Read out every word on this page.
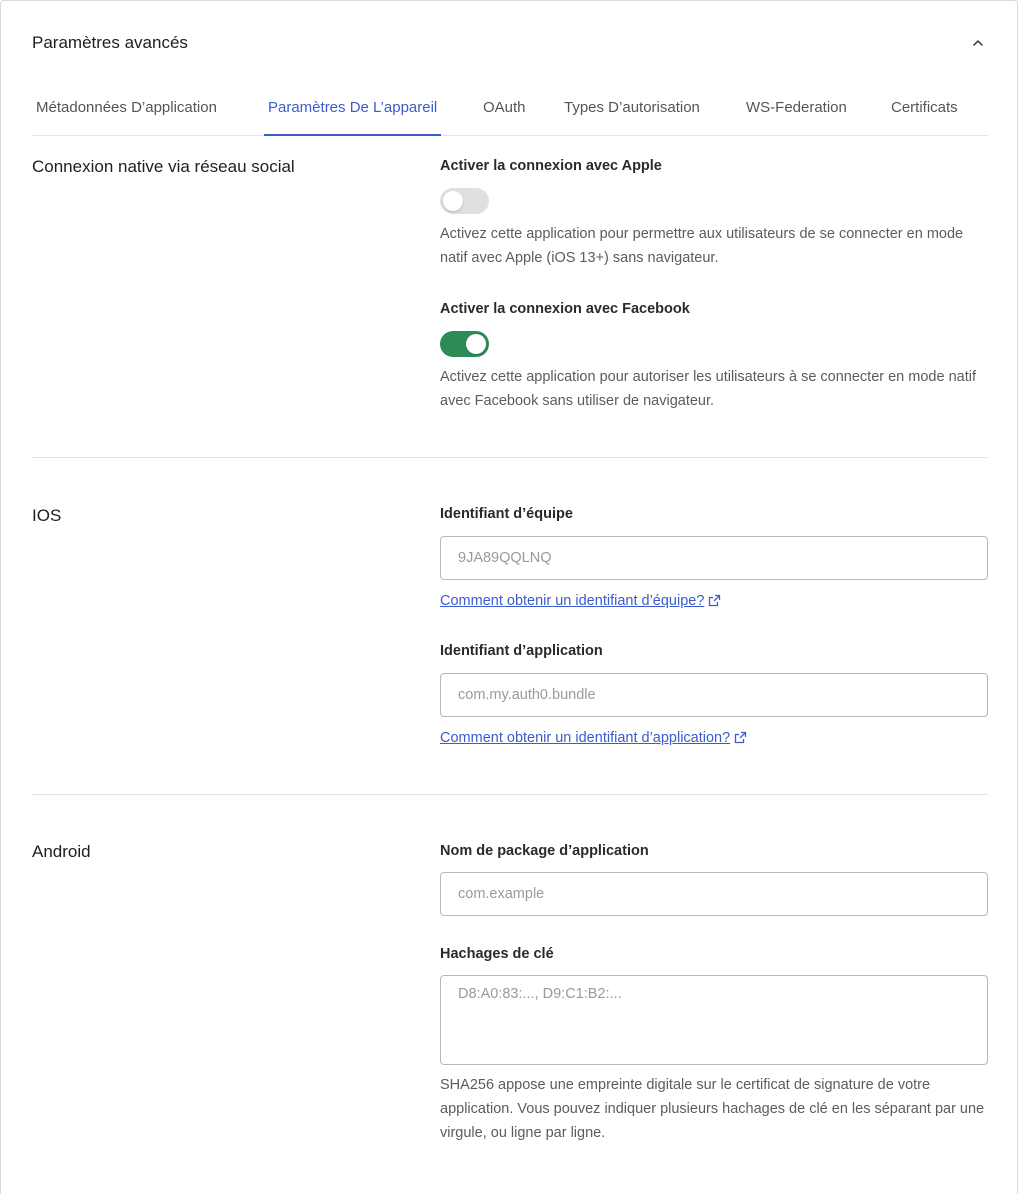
Paramètres avancés
Métadonnées D’application	Paramètres De L’appareil	OAuth	Types D’autorisation	WS-Federation	Certificats
Connexion native via réseau social	Activer la connexion avec Apple
Activez cette application pour permettre aux utilisateurs de se connecter en mode natif avec Apple (iOS 13+) sans navigateur.
Activer la connexion avec Facebook
Activez cette application pour autoriser les utilisateurs à se connecter en mode natif avec Facebook sans utiliser de navigateur.
IOS	Identifiant d’équipe
9JA89QQLNQ
Comment obtenir un identifiant d’équipe?
Identifiant d’application
com.my.auth0.bundle
Comment obtenir un identifiant d’application?
Android	Nom de package d’application
com.example
Hachages de clé
D8:A0:83:..., D9:C1:B2:...
SHA256 appose une empreinte digitale sur le certificat de signature de votre application. Vous pouvez indiquer plusieurs hachages de clé en les séparant par une virgule, ou ligne par ligne.
